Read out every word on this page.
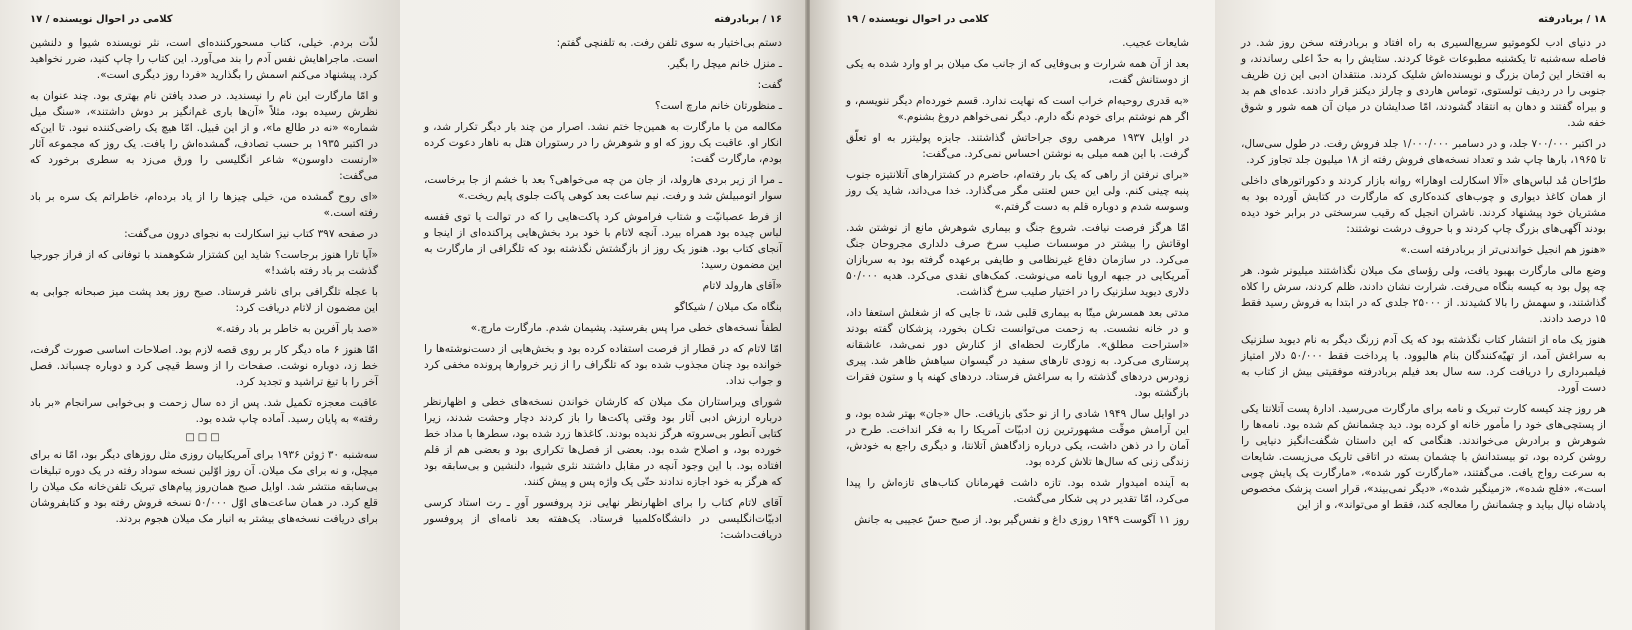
کلامی در احوال نویسنده / ۱۷

لذّت بردم. خیلی، کتاب مسحورکننده‌ای است، نثر نویسنده شیوا و دلنشین است. ماجراهایش نفس آدم را بند می‌آورد. این کتاب را چاپ کنید، ضرر نخواهید کرد. پیشنهاد می‌کنم اسمش را بگذارید «فردا روز دیگری است».

و امّا مارگارت این نام را نپسندید. در صدد یافتن نام بهتری بود. چند عنوان به نظرش رسیده بود، مثلاً «آن‌ها باری غم‌انگیز بر دوش داشتند»، «سنگ میل شماره» «نه در طالع ما»، و از این قبیل. امّا هیچ یک راضی‌کننده نبود. تا این‌که در اکتبر ۱۹۳۵ بر حسب تصادف، گمشده‌اش را یافت. یک روز که مجموعه آثار «ارنست داوسون» شاعر انگلیسی را ورق می‌زد به سطری برخورد که می‌گفت:

«ای روح گمشده من، خیلی چیزها را از یاد برده‌ام، خاطراتم یک سره بر باد رفته است.»

در صفحه ۳۹۷ کتاب نیز اسکارلت به نجوای درون می‌گفت:

«آیا تارا هنوز برجاست؟ شاید این کشتزار شکوهمند با توفانی که از فراز جورجیا گذشت بر باد رفته باشد!»

با عجله تلگرافی برای ناشر فرستاد. صبح روز بعد پشت میز صبحانه جوابی به این مضمون از لاتام دریافت کرد:

«صد بار آفرین به خاطر بر باد رفته.»

امّا هنوز ۶ ماه دیگر کار بر روی قصه لازم بود. اصلاحات اساسی صورت گرفت، خط زد، دوباره نوشت. صفحات را از وسط قیچی کرد و دوباره چسباند. فصل آخر را با تیغ تراشید و تجدید کرد.

عاقبت معجزه تکمیل شد. پس از ده سال زحمت و بی‌خوابی سرانجام «بر باد رفته» به پایان رسید. آماده چاپ شده بود.

□□□

سه‌شنبه ۳۰ ژوئن ۱۹۳۶ برای آمریکاییان روزی مثل روزهای دیگر بود، امّا نه برای میچل، و نه برای مک میلان. آن روز اوّلین نسخه سوداد رفته در یک دوره تبلیغات بی‌سابقه منتشر شد. اوایل صبح همان‌روز پیام‌های تبریک تلفن‌خانه مک میلان را قلع کرد. در همان ساعت‌های اوّل ۵۰/۰۰۰ نسخه فروش رفته بود و کتابفروشان برای دریافت نسخه‌های بیشتر به انبار مک میلان هجوم بردند.

۱۶ / بربادرفته

دستم بی‌اختیار به سوی تلفن رفت. به تلفنچی گفتم:

ـ منزل خانم میچل را بگیر.

گفت:

ـ منظورتان خانم مارچ است؟

مکالمه من با مارگارت به همین‌جا ختم نشد. اصرار من چند بار دیگر تکرار شد، و انکار او. عاقبت یک روز که او و شوهرش را در رستوران هتل به ناهار دعوت کرده بودم، مارگارت گفت:

ـ مرا از زیر بردی هارولد، از جان من چه می‌خواهی؟ بعد با خشم از جا برخاست، سوار اتومبیلش شد و رفت. نیم ساعت بعد کوهی پاکت جلوی پایم ریخت.»

از فرط عصبانیّت و شتاب فراموش کرد پاکت‌هایی را که در توالت یا توی قفسه لباس چیده بود همراه بیرد. آنچه لاتام با خود برد بخش‌هایی پراکنده‌ای از اینجا و آنجای کتاب بود. هنوز یک روز از بازگشتش نگذشته بود که تلگرافی از مارگارت به این مضمون رسید:

«آقای هارولد لاتام

بنگاه مک میلان / شیکاگو

لطفاً نسخه‌های خطی مرا پس بفرستید. پشیمان شدم. مارگارت مارچ.»

امّا لاتام که در قطار از فرصت استفاده کرده بود و بخش‌هایی از دست‌نوشته‌ها را خوانده بود چنان مجذوب شده بود که تلگراف را از زیر خروارها پرونده مخفی کرد و جواب نداد.

شورای ویراستاران مک میلان که کارشان خواندن نسخه‌های خطی و اظهارنظر درباره ارزش ادبی آثار بود وقتی پاکت‌ها را باز کردند دچار وحشت شدند، زیرا کتابی آنطور بی‌سروته هرگز ندیده بودند. کاغذها زرد شده بود، سطرها با مداد خط خورده بود، و اصلاح شده بود. بعضی از فصل‌ها تکراری بود و بعضی هم از قلم افتاده بود. با این وجود آنچه در مقابل داشتند نثری شیوا، دلنشین و بی‌سابقه بود که هرگز به خود اجازه ندادند حتّی یک واژه پس و پیش کنند.

آقای لاتام کتاب را برای اظهارنظر نهایی نزد پروفسور آورِ ـ رت استاد کرسی ادبیّات‌انگلیسی در دانشگاه‌کلمبیا فرستاد. یک‌هفته بعد نامه‌ای از پروفسور دریافت‌داشت:

کلامی در احوال نویسنده / ۱۹

شایعات عجیب.

بعد از آن همه شرارت و بی‌وفایی که از جانب مک میلان بر او وارد شده به یکی از دوستانش گفت،

«به قدری روحیه‌ام خراب است که نهایت ندارد. قسم خورده‌ام دیگر ننویسم، و اگر هم نوشتم برای خودم نگه دارم. دیگر نمی‌خواهم دروغ بشنوم.»

در اوایل ۱۹۳۷ مرهمی روی جراحاتش گذاشتند. جایزه پولیتزر به او تعلّق گرفت. با این همه میلی به نوشتن احساس نمی‌کرد. می‌گفت:

«برای نرفتن از راهی که یک بار رفته‌ام، حاضرم در کشتزارهای آتلانتیزه جنوب پنبه چینی کنم. ولی این حس لعنتی مگر می‌گذارد. خدا می‌داند، شاید یک روز وسوسه شدم و دوباره قلم به دست گرفتم.»

امّا هرگز فرصت نیافت. شروع جنگ و بیماری شوهرش مانع از نوشتن شد. اوقاتش را بیشتر در موسسات صلیب سرخ صرف دلداری مجروحان جنگ می‌کرد. در سازمان دفاع غیرنظامی و طایفی برعهده گرفته بود به سربازان آمریکایی در جبهه اروپا نامه می‌نوشت. کمک‌های نقدی می‌کرد. هدیه ۵۰/۰۰۰ دلاری دیوید سلزنیک را در اختیار صلیب سرخ گذاشت.

مدتی بعد همسرش میتّا به بیماری قلبی شد، تا جایی که از شغلش استعفا داد، و در خانه نشست. به زحمت می‌توانست تکـان بخورد، پزشکان گفته بودند «استراحت مطلق». مارگارت لحظه‌ای از کنارش دور نمی‌شد، عاشقانه پرستاری می‌کرد. به زودی تارهای سفید در گیسوان سیاهش ظاهر شد. پیری زودرس دردهای گذشته را به سراغش فرستاد. دردهای کهنه پا و ستون فقرات بازگشته بود.

در اوایل سال ۱۹۴۹ شادی را از نو حدّی بازیافت. حال «جان» بهتر شده بود، و این آرامش موقّت مشهورترین زن ادبیّات آمریکا را به فکر انداخت. طرح در آمان را در ذهن داشت، یکی درباره زادگاهش آتلانتا، و دیگری راجع به خودش، زندگی زنی که سال‌ها تلاش کرده بود.

به آینده امیدوار شده بود. تازه داشت قهرمانان کتاب‌های تازه‌اش را پیدا می‌کرد، امّا تقدیر در پی شکار می‌گشت.

روز ۱۱ آگوست ۱۹۴۹ روزی داغ و نفس‌گیر بود. از صبح حسّ عجیبی به جانش

۱۸ / بربادرفته

در دنیای ادب لکوموتیو سریع‌السیری به راه افتاد و بربادرفته سخن روز شد. در فاصله سه‌شنبه تا یکشنبه مطبوعات غوغا کردند. ستایش را به حدّ اعلی رساندند، و به افتخار این رُمان بزرگ و نویسنده‌اش شلیک کردند. منتقدان ادبی این زن ظریف جنوبی را در ردیف تولستوی، توماس هاردی و چارلز دیکنز قرار دادند. عده‌ای هم بد و بیراه گفتند و دهان به انتقاد گشودند، امّا صدایشان در میان آن همه شور و شوق خفه شد.

در اکتبر ۷۰۰/۰۰۰ جلد، و در دسامبر ۱/۰۰۰/۰۰۰ جلد فروش رفت. در طول سی‌سال، تا ۱۹۶۵، بارها چاپ شد و تعداد نسخه‌های فروش رفته از ۱۸ میلیون جلد تجاوز کرد.

طرّاحان مُد لباس‌های «آلا اسکارلت اوهارا» روانه بازار کردند و دکوراتورهای داخلی از همان کاغذ دیواری و چوب‌های کنده‌کاری که مارگارت در کتابش آورده بود به مشتریان خود پیشنهاد کردند. ناشران انجیل که رقیب سرسختی در برابر خود دیده بودند آگهی‌های بزرگ چاپ کردند و با حروف درشت نوشتند:

«هنوز هم انجیل خواندنی‌تر از بربادرفته است.»

وضع مالی مارگارت بهبود یافت، ولی رؤسای مک میلان نگذاشتند میلیونر شود. هر چه پول بود به کیسه بنگاه می‌رفت. شرارت نشان دادند، ظلم کردند، سرش را کلاه گذاشتند، و سهمش را بالا کشیدند. از ۲۵۰۰۰ جلدی که در ابتدا به فروش رسید فقط ۱۵ درصد دادند.

هنوز یک ماه از انتشار کتاب نگذشته بود که یک آدم زرنگ دیگر به نام دیوید سلزنیک به سراغش آمد، از تهیّه‌کنندگان بنام هالیوود. با پرداخت فقط ۵۰/۰۰۰ دلار امتیاز فیلمبرداری را دریافت کرد. سه سال بعد فیلم بربادرفته موفقیتی بیش از کتاب به دست آورد.

هر روز چند کیسه کارت تبریک و نامه برای مارگارت می‌رسید. ادارهٔ پست آتلانتا یکی از پستچی‌های خود را مأمور خانه او کرده بود. دید چشمانش کم شده بود. نامه‌ها را شوهرش و برادرش می‌خواندند. هنگامی که این داستان شگفت‌انگیز دنیایی را روشن کرده بود، تو بیستدانش با چشمان بسته در اتاقی تاریک می‌زیست. شایعات به سرعت رواج یافت. می‌گفتند، «مارگارت کور شده»، «مارگارت یک پایش چوبی است»، «فلج شده»، «زمینگیر شده»، «دیگر نمی‌بیند»، قرار است پزشک مخصوص پادشاه نپال بیاید و چشمانش را معالجه کند، فقط او می‌تواند»، و از این
